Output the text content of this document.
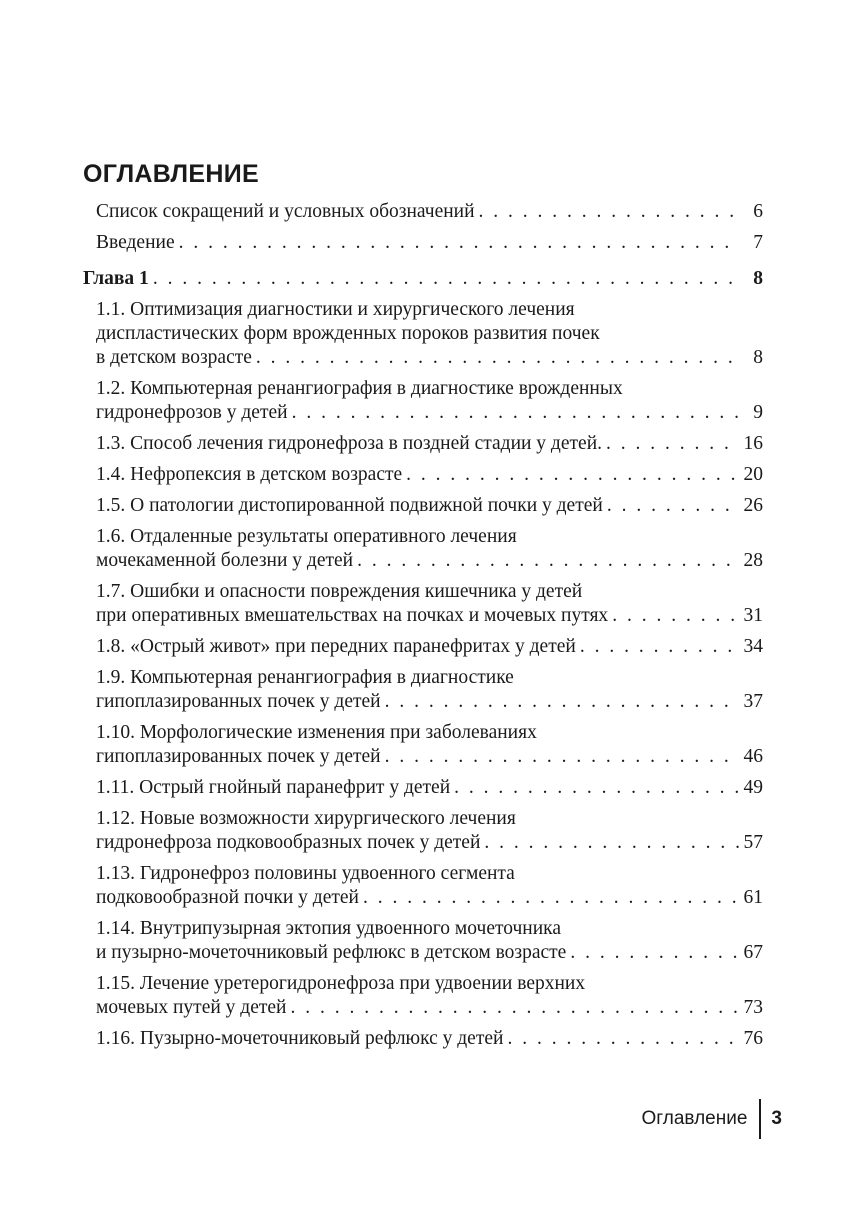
ОГЛАВЛЕНИЕ
Список сокращений и условных обозначений . . .	6
Введение . . .	7
Глава 1 . . .	8
1.1. Оптимизация диагностики и хирургического лечения
диспластических форм врожденных пороков развития почек
в детском возрасте . . .	8
1.2. Компьютерная ренангиография в диагностике врожденных
гидронефрозов у детей . . .	9
1.3. Способ лечения гидронефроза в поздней стадии у детей. . . .	16
1.4. Нефропексия в детском возрасте . . .	20
1.5. О патологии дистопированной подвижной почки у детей . . .	26
1.6. Отдаленные результаты оперативного лечения
мочекаменной болезни у детей . . .	28
1.7. Ошибки и опасности повреждения кишечника у детей
при оперативных вмешательствах на почках и мочевых путях . . .	31
1.8. «Острый живот» при передних паранефритах у детей . . .	34
1.9. Компьютерная ренангиография в диагностике
гипоплазированных почек у детей . . .	37
1.10. Морфологические изменения при заболеваниях
гипоплазированных почек у детей . . .	46
1.11. Острый гнойный паранефрит у детей . . .	49
1.12. Новые возможности хирургического лечения
гидронефроза подковообразных почек у детей . . .	57
1.13. Гидронефроз половины удвоенного сегмента
подковообразной почки у детей . . .	61
1.14. Внутрипузырная эктопия удвоенного мочеточника
и пузырно-мочеточниковый рефлюкс в детском возрасте . . .	67
1.15. Лечение уретерогидронефроза при удвоении верхних
мочевых путей у детей . . .	73
1.16. Пузырно-мочеточниковый рефлюкс у детей . . .	76
Оглавление 3
